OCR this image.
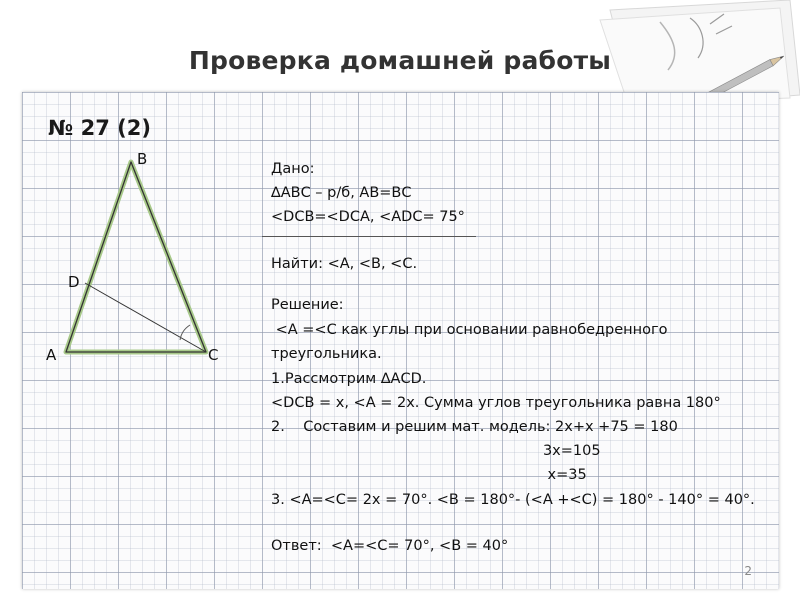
Проверка домашней работы
№ 27 (2)
B
D
A	C
Дано:
∆АВС – р/б, АВ=ВС
<DCB=<DCA, <ADC= 75°
Найти: <А, <В, <С.
Решение:
<А =<С как углы при основании равнобедренного
треугольника.
1.Рассмотрим ∆АCD.
<DCB = х, <А = 2х. Сумма углов треугольника равна 180°
2.    Составим и решим мат. модель: 2х+х +75 = 180
3х=105
х=35
3. <А=<С= 2х = 70°. <В = 180°- (<А +<С) = 180° - 140° = 40°.
Ответ:  <А=<С= 70°, <В = 40°
2
